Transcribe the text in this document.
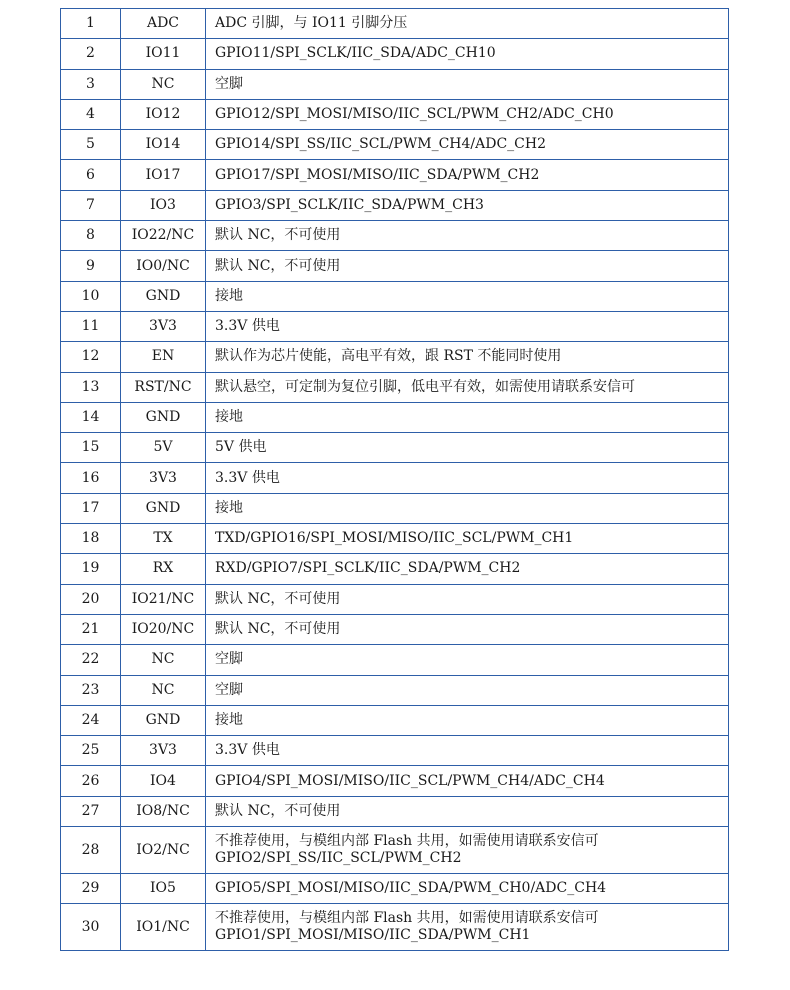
1	ADC	ADC 引脚，与 IO11 引脚分压

2	IO11	GPIO11/SPI_SCLK/IIC_SDA/ADC_CH10

3	NC	空脚

4	IO12	GPIO12/SPI_MOSI/MISO/IIC_SCL/PWM_CH2/ADC_CH0

5	IO14	GPIO14/SPI_SS/IIC_SCL/PWM_CH4/ADC_CH2

6	IO17	GPIO17/SPI_MOSI/MISO/IIC_SDA/PWM_CH2

7	IO3	GPIO3/SPI_SCLK/IIC_SDA/PWM_CH3

8	IO22/NC	默认 NC，不可使用

9	IO0/NC	默认 NC，不可使用

10	GND	接地

11	3V3	3.3V 供电

12	EN	默认作为芯片使能，高电平有效，跟 RST 不能同时使用

13	RST/NC	默认悬空，可定制为复位引脚，低电平有效，如需使用请联系安信可

14	GND	接地

15	5V	5V 供电

16	3V3	3.3V 供电

17	GND	接地

18	TX	TXD/GPIO16/SPI_MOSI/MISO/IIC_SCL/PWM_CH1

19	RX	RXD/GPIO7/SPI_SCLK/IIC_SDA/PWM_CH2

20	IO21/NC	默认 NC，不可使用

21	IO20/NC	默认 NC，不可使用

22	NC	空脚

23	NC	空脚

24	GND	接地

25	3V3	3.3V 供电

26	IO4	GPIO4/SPI_MOSI/MISO/IIC_SCL/PWM_CH4/ADC_CH4

27	IO8/NC	默认 NC，不可使用

28	IO2/NC	不推荐使用，与模组内部 Flash 共用，如需使用请联系安信可
GPIO2/SPI_SS/IIC_SCL/PWM_CH2

29	IO5	GPIO5/SPI_MOSI/MISO/IIC_SDA/PWM_CH0/ADC_CH4

30	IO1/NC	不推荐使用，与模组内部 Flash 共用，如需使用请联系安信可
GPIO1/SPI_MOSI/MISO/IIC_SDA/PWM_CH1
